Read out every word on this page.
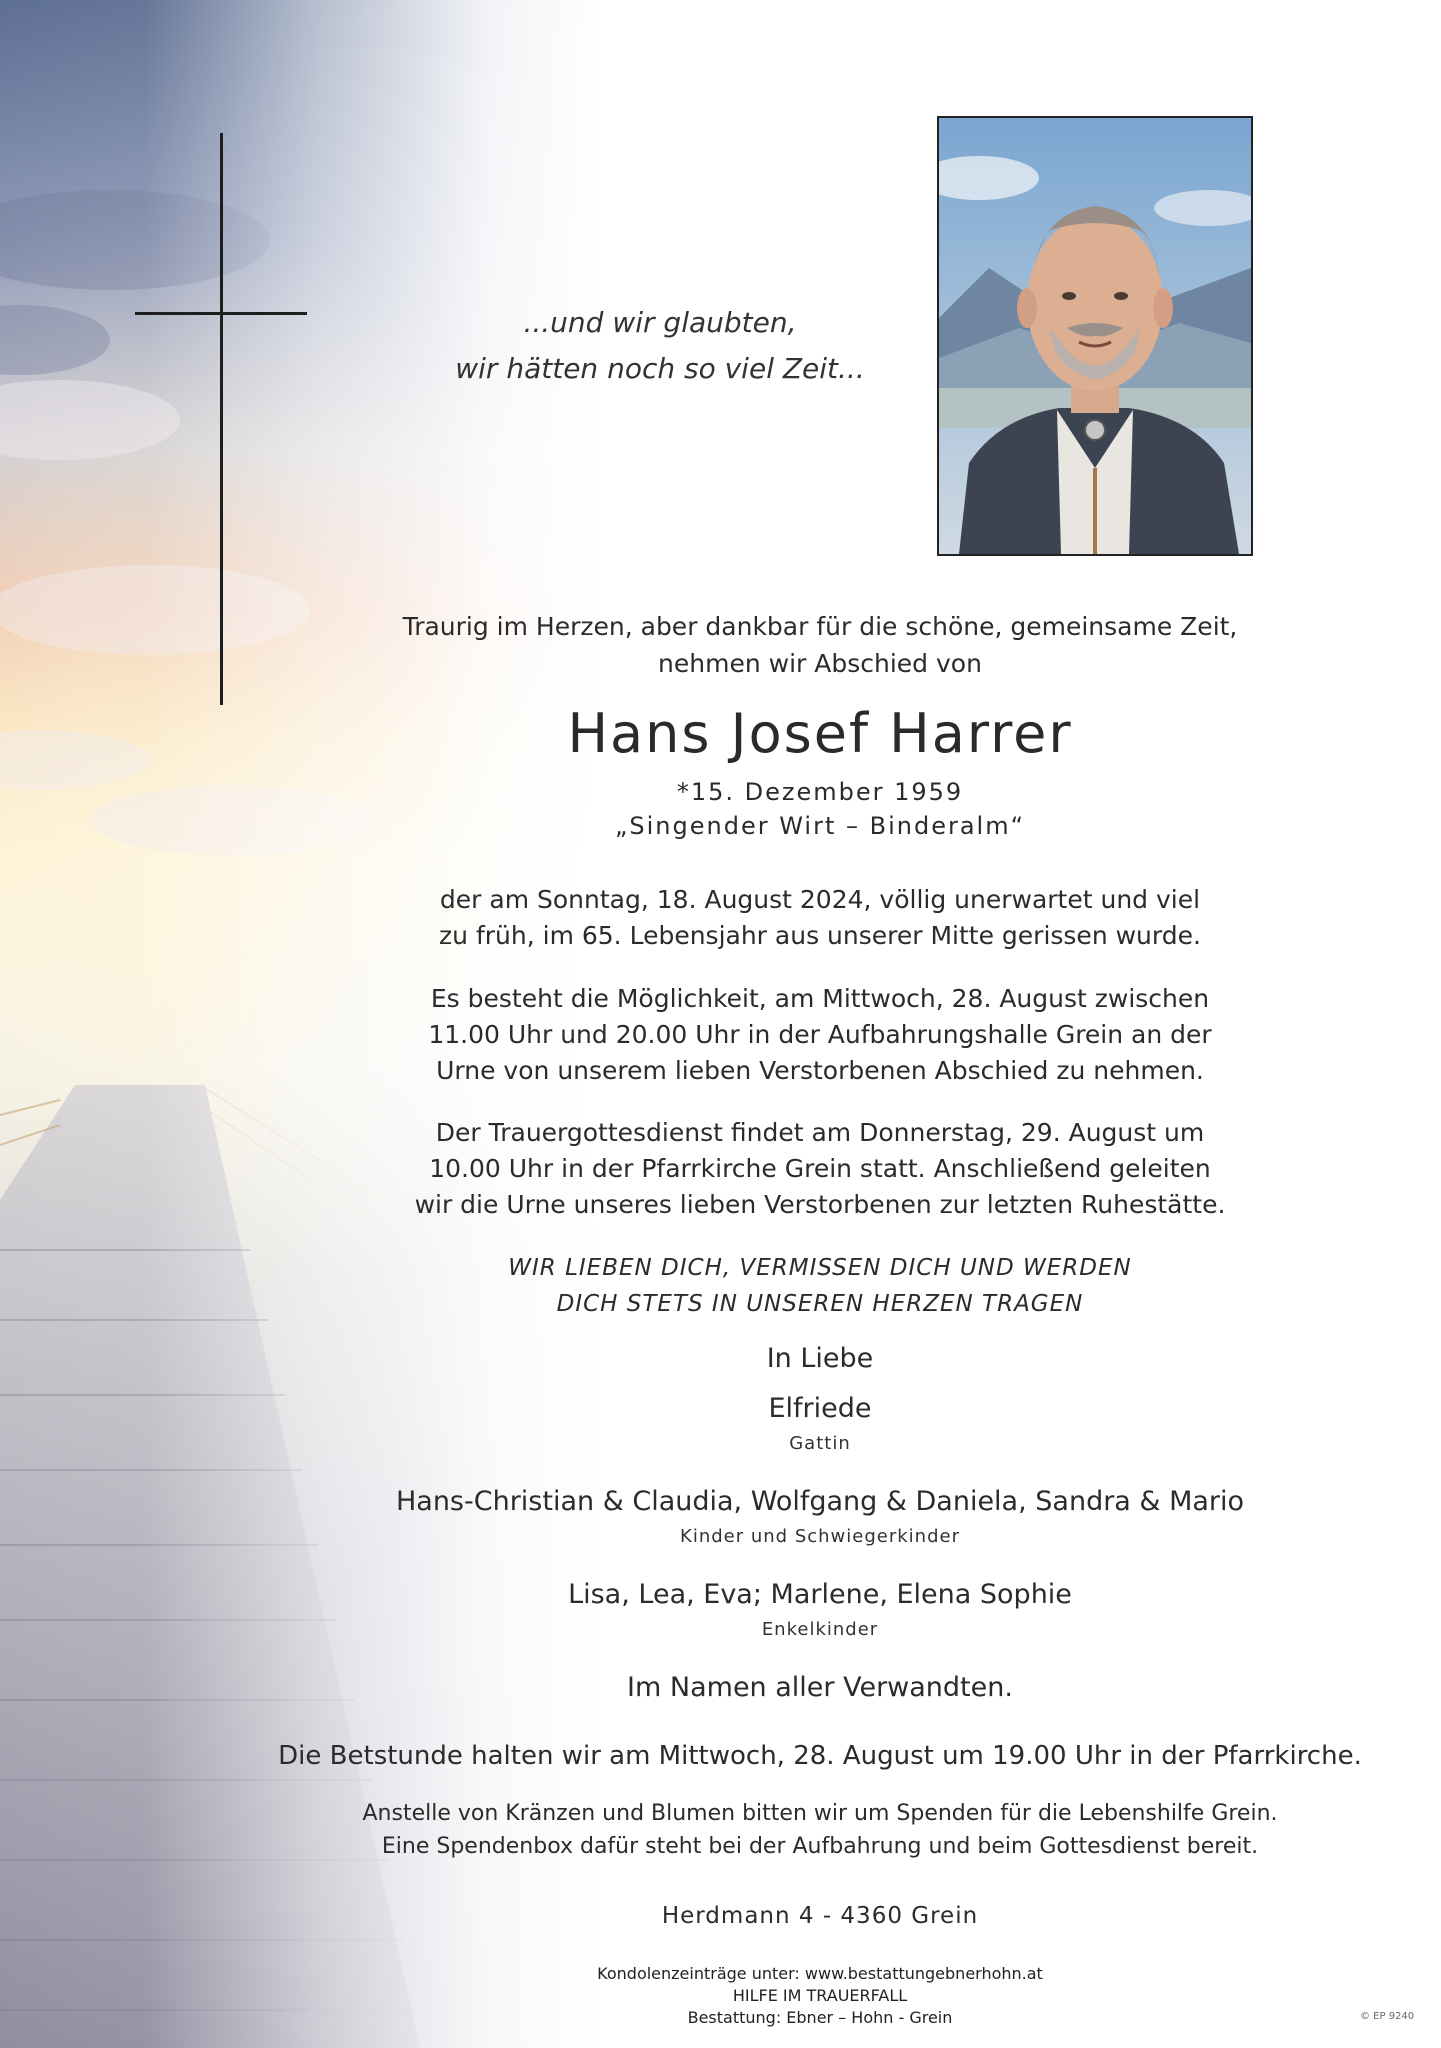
...und wir glaubten,
wir hätten noch so viel Zeit...
Traurig im Herzen, aber dankbar für die schöne, gemeinsame Zeit,
nehmen wir Abschied von
Hans Josef Harrer
*15. Dezember 1959
„Singender Wirt – Binderalm“
der am Sonntag, 18. August 2024, völlig unerwartet und viel
zu früh, im 65. Lebensjahr aus unserer Mitte gerissen wurde.
Es besteht die Möglichkeit, am Mittwoch, 28. August zwischen
11.00 Uhr und 20.00 Uhr in der Aufbahrungshalle Grein an der
Urne von unserem lieben Verstorbenen Abschied zu nehmen.
Der Trauergottesdienst findet am Donnerstag, 29. August um
10.00 Uhr in der Pfarrkirche Grein statt. Anschließend geleiten
wir die Urne unseres lieben Verstorbenen zur letzten Ruhestätte.
WIR LIEBEN DICH, VERMISSEN DICH UND WERDEN
DICH STETS IN UNSEREN HERZEN TRAGEN
In Liebe
Elfriede
Gattin
Hans-Christian & Claudia, Wolfgang & Daniela, Sandra & Mario
Kinder und Schwiegerkinder
Lisa, Lea, Eva; Marlene, Elena Sophie
Enkelkinder
Im Namen aller Verwandten.
Die Betstunde halten wir am Mittwoch, 28. August um 19.00 Uhr in der Pfarrkirche.
Anstelle von Kränzen und Blumen bitten wir um Spenden für die Lebenshilfe Grein.
Eine Spendenbox dafür steht bei der Aufbahrung und beim Gottesdienst bereit.
Herdmann 4 - 4360 Grein
Kondolenzeinträge unter: www.bestattungebnerhohn.at
HILFE IM TRAUERFALL
Bestattung: Ebner – Hohn - Grein	© EP 9240
